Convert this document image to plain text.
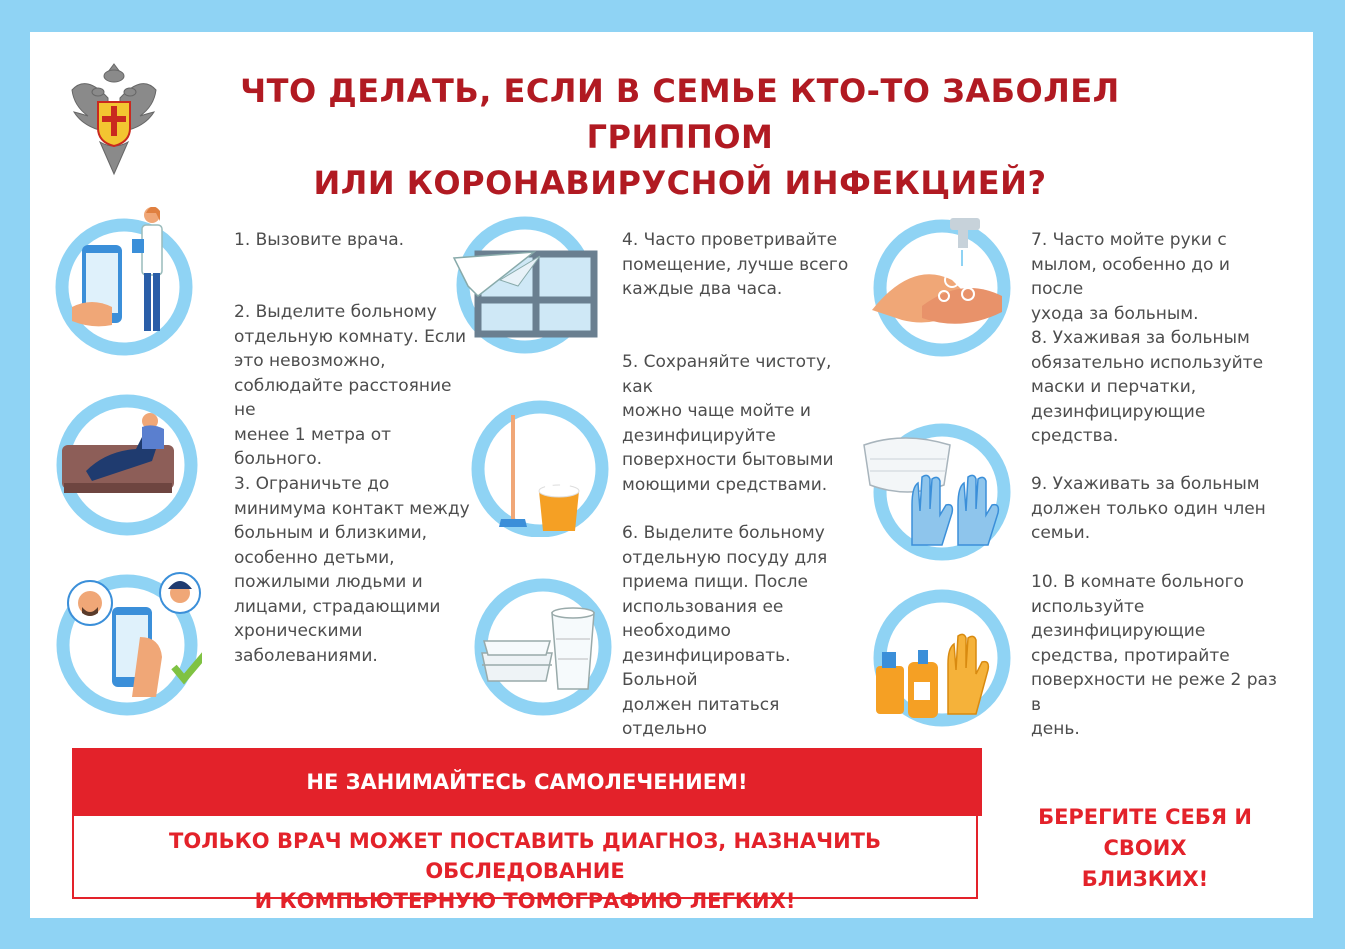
ЧТО ДЕЛАТЬ, ЕСЛИ В СЕМЬЕ КТО-ТО ЗАБОЛЕЛ ГРИППОМ
ИЛИ КОРОНАВИРУСНОЙ ИНФЕКЦИЕЙ?
1. Вызовите врача.
2. Выделите больному
отдельную комнату. Если
это невозможно,
соблюдайте расстояние не
менее 1 метра от больного.
3. Ограничьте до
минимума контакт между
больным и близкими,
особенно детьми,
пожилыми людьми и
лицами, страдающими
хроническими
заболеваниями.
4. Часто проветривайте
помещение, лучше всего
каждые два часа.
5. Сохраняйте чистоту, как
можно чаще мойте и
дезинфицируйте
поверхности бытовыми
моющими средствами.
6. Выделите больному
отдельную посуду для
приема пищи. После
использования ее
необходимо
дезинфицировать. Больной
должен питаться отдельно

7. Часто мойте руки с
мылом, особенно до и после
ухода за больным.
8. Ухаживая за больным
обязательно используйте
маски и перчатки,
дезинфицирующие
средства.
9. Ухаживать за больным
должен только один член
семьи.
10. В комнате больного
используйте
дезинфицирующие
средства, протирайте
поверхности не реже 2 раз в
день.
НЕ ЗАНИМАЙТЕСЬ САМОЛЕЧЕНИЕМ!
ТОЛЬКО ВРАЧ МОЖЕТ ПОСТАВИТЬ ДИАГНОЗ, НАЗНАЧИТЬ ОБСЛЕДОВАНИЕ
И КОМПЬЮТЕРНУЮ ТОМОГРАФИЮ ЛЕГКИХ!
БЕРЕГИТЕ СЕБЯ И СВОИХ
БЛИЗКИХ!
